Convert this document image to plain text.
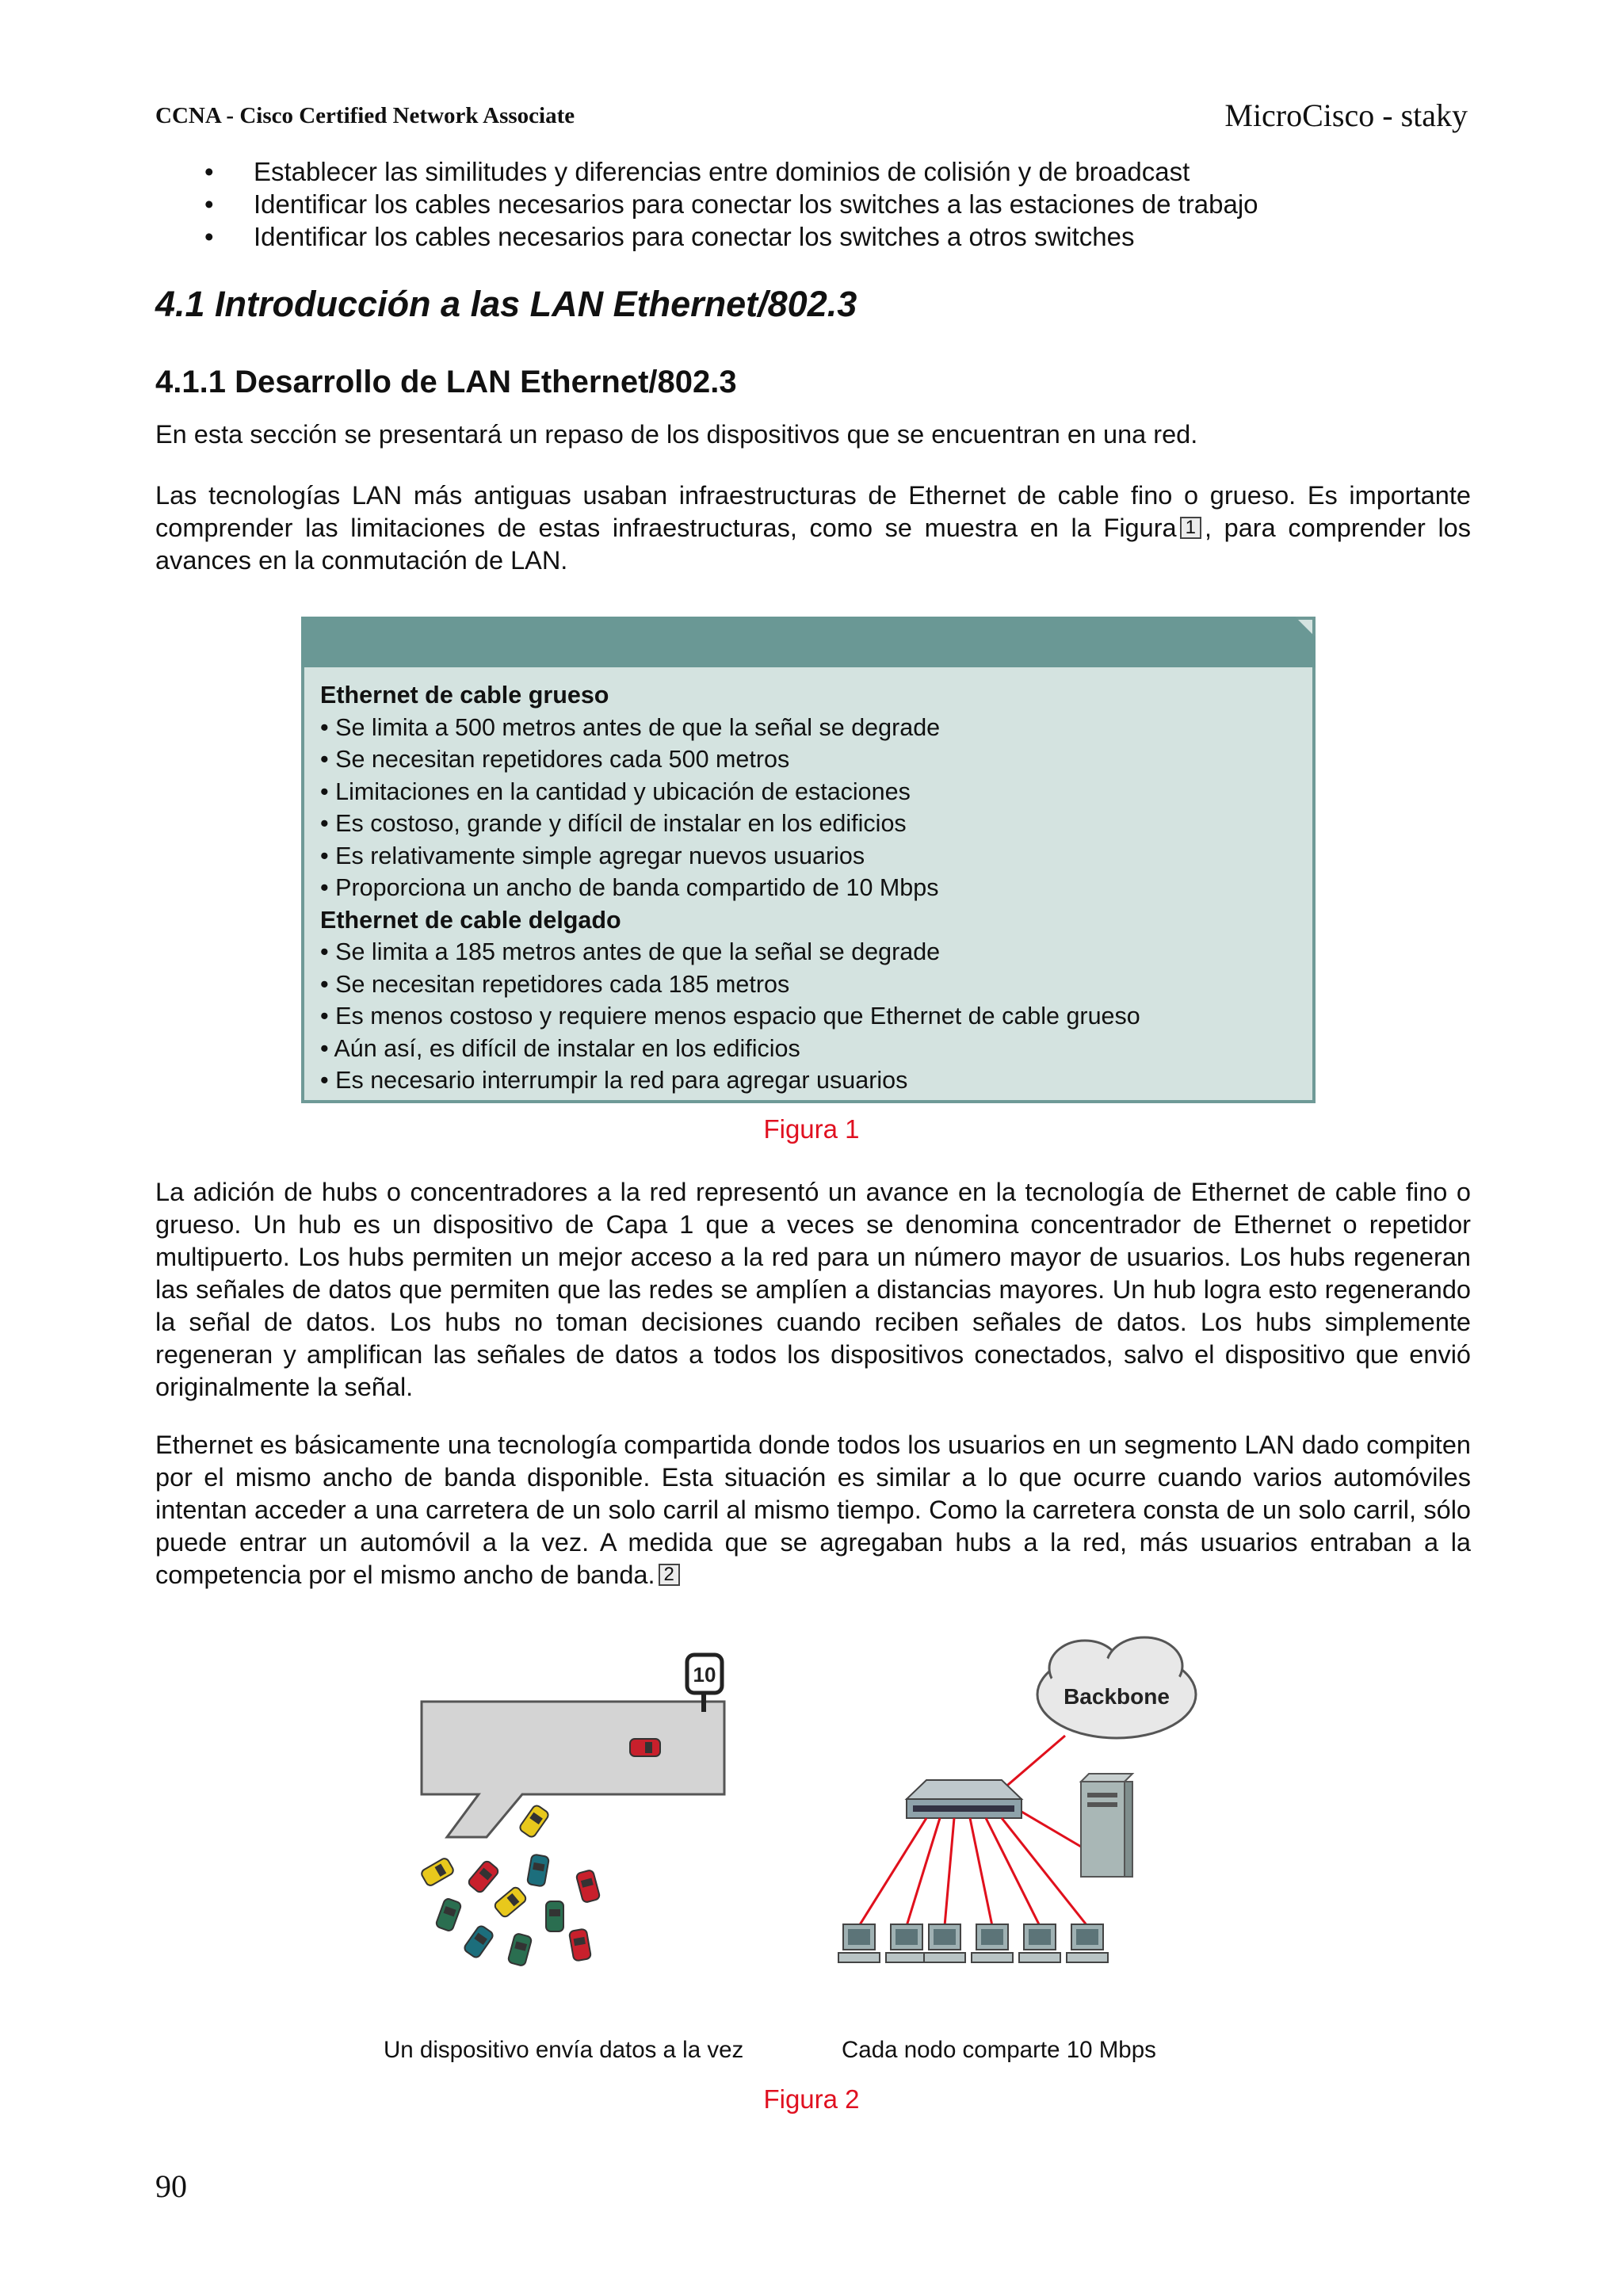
CCNA - Cisco Certified Network Associate	MicroCisco - staky
• Establecer las similitudes y diferencias entre dominios de colisión y de broadcast
• Identificar los cables necesarios para conectar los switches a las estaciones de trabajo
• Identificar los cables necesarios para conectar los switches a otros switches
4.1 Introducción a las LAN Ethernet/802.3
4.1.1 Desarrollo de LAN Ethernet/802.3

En esta sección se presentará un repaso de los dispositivos que se encuentran en una red.

Las tecnologías LAN más antiguas usaban infraestructuras de Ethernet de cable fino o grueso. Es importante comprender las limitaciones de estas infraestructuras, como se muestra en la Figura 1 , para comprender los avances en la conmutación de LAN.

Ethernet de cable grueso
• Se limita a 500 metros antes de que la señal se degrade
• Se necesitan repetidores cada 500 metros
• Limitaciones en la cantidad y ubicación de estaciones
• Es costoso, grande y difícil de instalar en los edificios
• Es relativamente simple agregar nuevos usuarios
• Proporciona un ancho de banda compartido de 10 Mbps
Ethernet de cable delgado
• Se limita a 185 metros antes de que la señal se degrade
• Se necesitan repetidores cada 185 metros
• Es menos costoso y requiere menos espacio que Ethernet de cable grueso
• Aún así, es difícil de instalar en los edificios
• Es necesario interrumpir la red para agregar usuarios
Figura 1

La adición de hubs o concentradores a la red representó un avance en la tecnología de Ethernet de cable fino o grueso. Un hub es un dispositivo de Capa 1 que a veces se denomina concentrador de Ethernet o repetidor multipuerto. Los hubs permiten un mejor acceso a la red para un número mayor de usuarios. Los hubs regeneran las señales de datos que permiten que las redes se amplíen a distancias mayores. Un hub logra esto regenerando la señal de datos. Los hubs no toman decisiones cuando reciben señales de datos. Los hubs simplemente regeneran y amplifican las señales de datos a todos los dispositivos conectados, salvo el dispositivo que envió originalmente la señal.

Ethernet es básicamente una tecnología compartida donde todos los usuarios en un segmento LAN dado compiten por el mismo ancho de banda disponible. Esta situación es similar a lo que ocurre cuando varios automóviles intentan acceder a una carretera de un solo carril al mismo tiempo. Como la carretera consta de un solo carril, sólo puede entrar un automóvil a la vez. A medida que se agregaban hubs a la red, más usuarios entraban a la competencia por el mismo ancho de banda. 2

10
Backbone
Un dispositivo envía datos a la vez	Cada nodo comparte 10 Mbps
Figura 2
90
